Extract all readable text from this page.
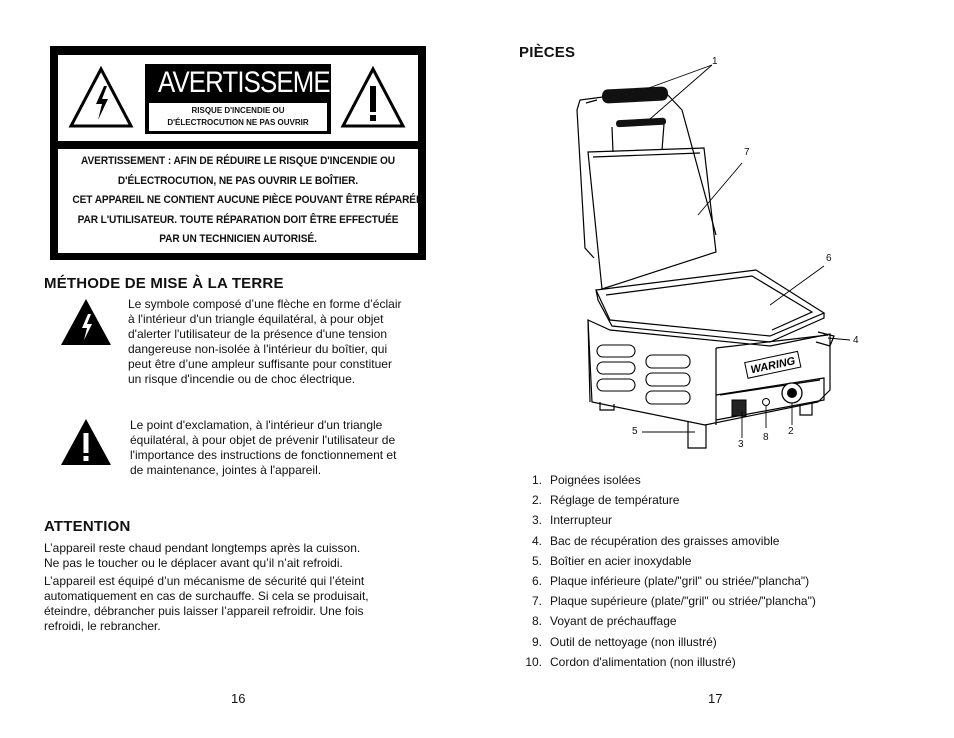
AVERTISSEMENT
RISQUE D'INCENDIE OU
D'ÉLECTROCUTION NE PAS OUVRIR
AVERTISSEMENT : AFIN DE RÉDUIRE LE RISQUE D'INCENDIE OU
D'ÉLECTROCUTION, NE PAS OUVRIR LE BOÎTIER.
CET APPAREIL NE CONTIENT AUCUNE PIÈCE POUVANT ÊTRE RÉPARÉE
PAR L'UTILISATEUR. TOUTE RÉPARATION DOIT ÊTRE EFFECTUÉE
PAR UN TECHNICIEN AUTORISÉ.
MÉTHODE DE MISE À LA TERRE
Le symbole composé d’une flèche en forme d’éclair
à l'intérieur d'un triangle équilatéral, à pour objet
d'alerter l'utilisateur de la présence d'une tension
dangereuse non-isolée à l'intérieur du boîtier, qui
peut être d’une ampleur suffisante pour constituer
un risque d'incendie ou de choc électrique.
Le point d'exclamation, à l'intérieur d'un triangle
équilatéral, à pour objet de prévenir l'utilisateur de
l'importance des instructions de fonctionnement et
de maintenance, jointes à l'appareil.
ATTENTION
L’appareil reste chaud pendant longtemps après la cuisson.
Ne pas le toucher ou le déplacer avant qu’il n’ait refroidi.
L’appareil est équipé d’un mécanisme de sécurité qui l’éteint
automatiquement en cas de surchauffe. Si cela se produisait,
éteindre, débrancher puis laisser l’appareil refroidir. Une fois
refroidi, le rebrancher.
16
PIÈCES
WARING
1
7
6
4
5
3
8
2
1. Poignées isolées
2. Réglage de température
3. Interrupteur
4. Bac de récupération des graisses amovible
5. Boîtier en acier inoxydable
6. Plaque inférieure (plate/"gril" ou striée/"plancha")
7. Plaque supérieure (plate/"gril" ou striée/"plancha")
8. Voyant de préchauffage
9. Outil de nettoyage (non illustré)
10. Cordon d'alimentation (non illustré)
17
